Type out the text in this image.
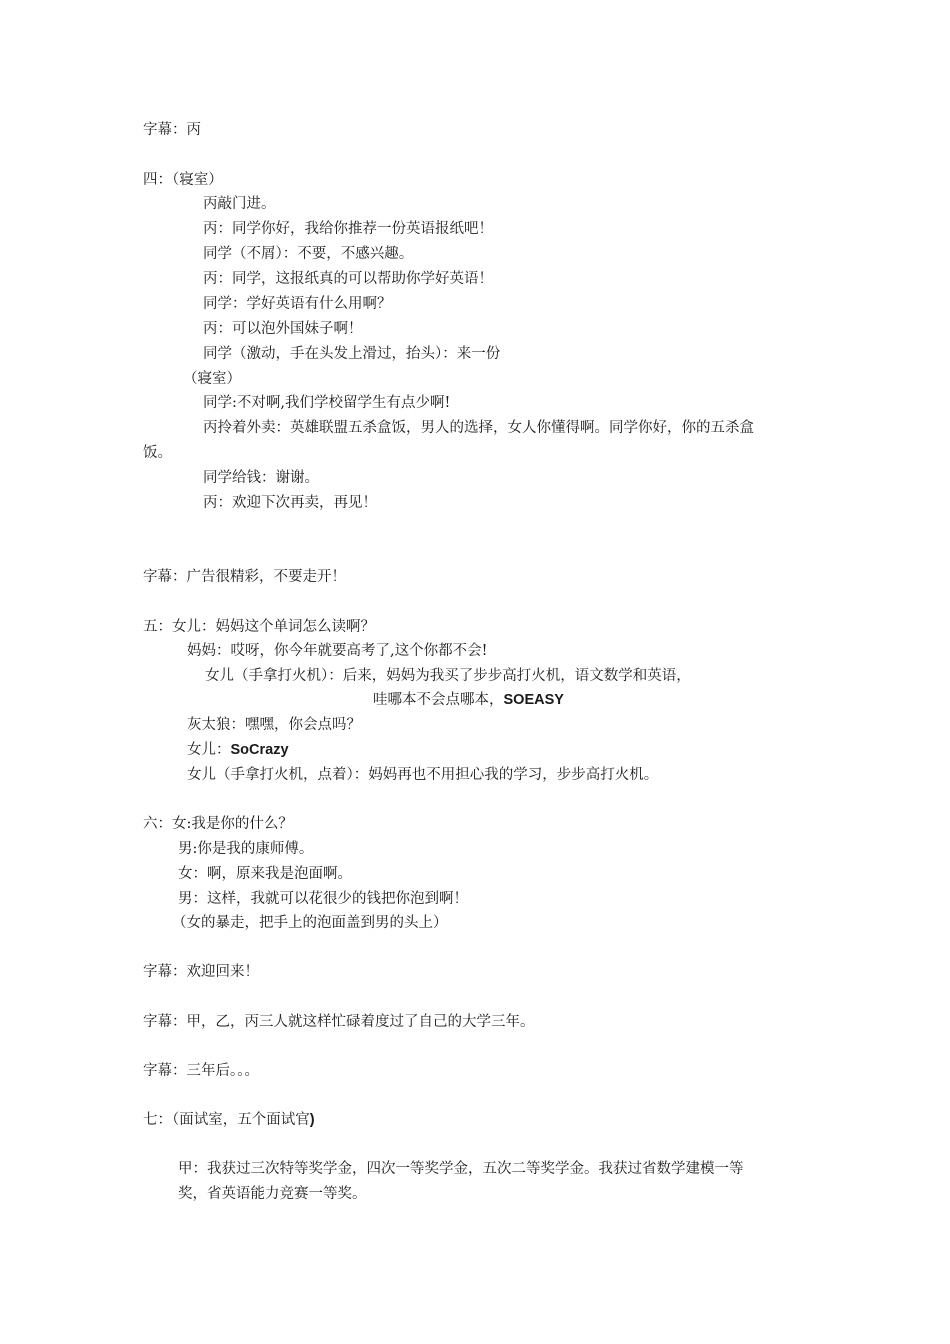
字幕：丙
四：（寝室）
丙敲门进。
丙：同学你好，我给你推荐一份英语报纸吧！
同学（不屑）：不要，不感兴趣。
丙：同学，这报纸真的可以帮助你学好英语！
同学：学好英语有什么用啊？
丙：可以泡外国妹子啊！
同学（激动，手在头发上滑过，抬头）：来一份
（寝室）
同学:不对啊,我们学校留学生有点少啊!
丙拎着外卖：英雄联盟五杀盒饭，男人的选择，女人你懂得啊。同学你好，你的五杀盒
饭。
同学给钱：谢谢。
丙：欢迎下次再卖，再见！
字幕：广告很精彩，不要走开！
五：女儿：妈妈这个单词怎么读啊？
妈妈：哎呀，你今年就要高考了,这个你都不会!
女儿（手拿打火机）：后来，妈妈为我买了步步高打火机，语文数学和英语，
哇哪本不会点哪本，SOEASY
灰太狼：嘿嘿，你会点吗？
女儿：SoCrazy
女儿（手拿打火机，点着）：妈妈再也不用担心我的学习，步步高打火机。
六：女:我是你的什么？
男:你是我的康师傅。
女：啊，原来我是泡面啊。
男：这样，我就可以花很少的钱把你泡到啊！
（女的暴走，把手上的泡面盖到男的头上）
字幕：欢迎回来！
字幕：甲，乙，丙三人就这样忙碌着度过了自己的大学三年。
字幕：三年后。。。
七：（面试室，五个面试官)
甲：我获过三次特等奖学金，四次一等奖学金，五次二等奖学金。我获过省数学建模一等
奖，省英语能力竞赛一等奖。
